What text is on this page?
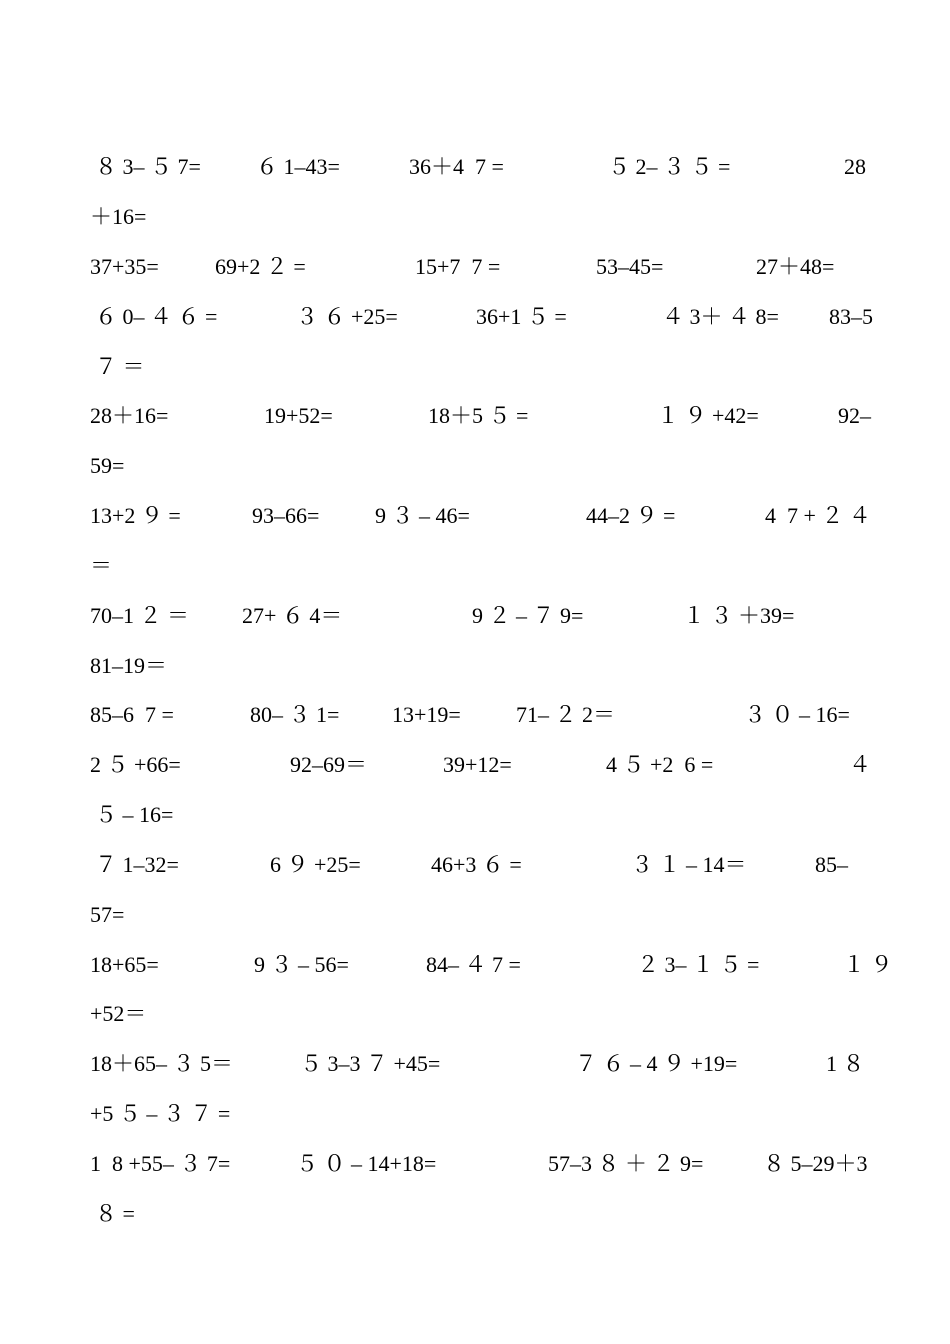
８ 3– ５ 7=	６ 1–43=	36＋4  7 =	５ 2– ３ ５ =	28
＋16=
37+35=	69+2 ２ =	15+7  7 =	53–45=	27＋48=
６ 0– ４ ６ =	３ ６ +25=	36+1 ５ =	４ 3＋ ４ 8= 83–5
７ ＝
28＋16=	19+52=	18＋5 ５ =	１ ９ +42=	92–
59=
13+2 ９ =	93–66=	9 ３ – 46=	44–2 ９ =	4  7 + ２ ４
＝
70–1 ２ ＝ 27+ ６ 4＝	9 ２ – ７ 9=	１ ３ ＋39=
81–19＝
85–6  7 =	80– ３ 1= 13+19=	71– ２ 2＝	３ ０ – 16=
2 ５ +66=	92–69＝	39+12=	4 ５ +2  6 =	４
５ – 16=
７ 1–32=	6 ９ +25=	46+3 ６ =	３ １ – 14＝	85–
57=
18+65=	9 ３ – 56=	84– ４ 7 =	２ 3– １ ５ =	１ ９
+52＝
18＋65– ３ 5＝	５ 3–3 ７ +45=	７ ６ – 4 ９ +19=	1 ８
+5 ５ – ３ ７ =
1  8 +55– ３ 7=	５ ０ – 14+18=	57–3 ８ ＋ ２ 9=	８ 5–29＋3
８ =
